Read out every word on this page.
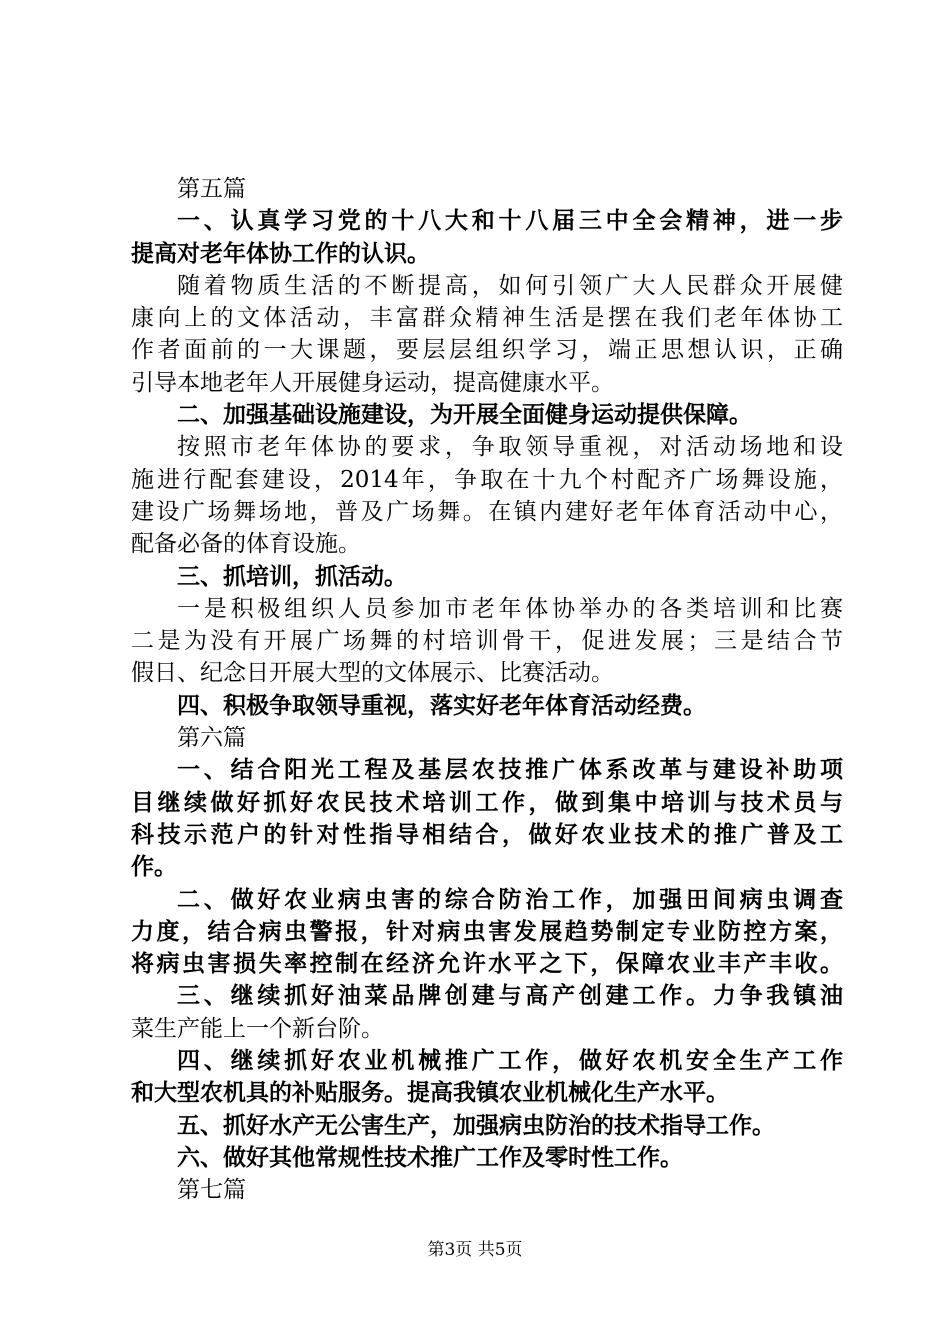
第五篇
一、认真学习党的十八大和十八届三中全会精神，进一步
提高对老年体协工作的认识。
随着物质生活的不断提高，如何引领广大人民群众开展健
康向上的文体活动，丰富群众精神生活是摆在我们老年体协工
作者面前的一大课题，要层层组织学习，端正思想认识，正确
引导本地老年人开展健身运动，提高健康水平。
二、加强基础设施建设，为开展全面健身运动提供保障。
按照市老年体协的要求，争取领导重视，对活动场地和设
施进行配套建设，2014年，争取在十九个村配齐广场舞设施，
建设广场舞场地，普及广场舞。在镇内建好老年体育活动中心，
配备必备的体育设施。
三、抓培训，抓活动。
一是积极组织人员参加市老年体协举办的各类培训和比赛
二是为没有开展广场舞的村培训骨干，促进发展；三是结合节
假日、纪念日开展大型的文体展示、比赛活动。
四、积极争取领导重视，落实好老年体育活动经费。
第六篇
一、结合阳光工程及基层农技推广体系改革与建设补助项
目继续做好抓好农民技术培训工作，做到集中培训与技术员与
科技示范户的针对性指导相结合，做好农业技术的推广普及工
作。
二、做好农业病虫害的综合防治工作，加强田间病虫调查
力度，结合病虫警报，针对病虫害发展趋势制定专业防控方案，
将病虫害损失率控制在经济允许水平之下，保障农业丰产丰收。
三、继续抓好油菜品牌创建与高产创建工作。力争我镇油
菜生产能上一个新台阶。
四、继续抓好农业机械推广工作，做好农机安全生产工作
和大型农机具的补贴服务。提高我镇农业机械化生产水平。
五、抓好水产无公害生产，加强病虫防治的技术指导工作。
六、做好其他常规性技术推广工作及零时性工作。
第七篇
第3页 共5页
